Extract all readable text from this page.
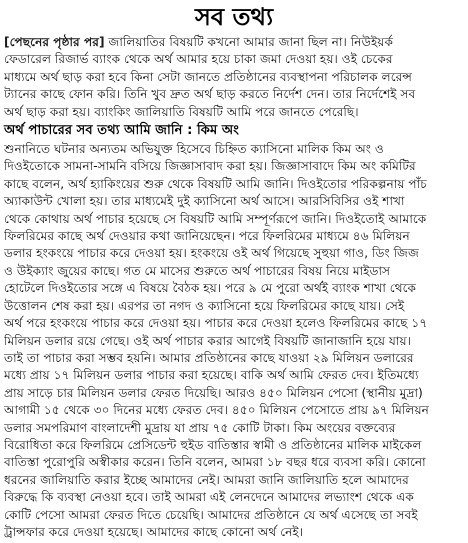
সব তথ্য

[পেছনের পৃষ্ঠার পর] জালিয়াতির বিষয়টি কখনো আমার জানা ছিল না। নিউইয়র্ক
ফেডারেল রিজার্ভ ব্যাংক থেকে অর্থ আমার হয়ে চাকা জমা দেওয়া হয়। ওই চেকের
মাধ্যমে অর্থ ছাড় করা হবে কিনা সেটা জানতে প্রতিষ্ঠানের ব্যবস্থাপনা পরিচালক লরেন্স
ট্যানের কাছে ফোন করি। তিনি খুব দ্রুত অর্থ ছাড় করতে নির্দেশ দেন। তার নির্দেশেই সব
অর্থ ছাড় করা হয়। ব্যাংকিং জালিয়াতি বিষয়টি আমি পরে জানতে পেরেছি।

অর্থ পাচারের সব তথ্য আমি জানি : কিম অং

শুনানিতে ঘটনার অন্যতম অভিযুক্ত হিসেবে চিহ্নিত ক্যাসিনো মালিক কিম অং ও
দিওইতোকে সামনা-সামনি বসিয়ে জিজ্ঞাসাবাদ করা হয়। জিজ্ঞাসাবাদে কিম অং কমিটির
কাছে বলেন, অর্থ হ্যাকিংয়ের শুরু থেকে বিষয়টি আমি জানি। দিওইতোর পরিকল্পনায় পাঁচ
অ্যাকাউন্ট খোলা হয়। তার মাধ্যমেই দুই ক্যাসিনো অর্থ আসে। আরসিবিসির ওই শাখা
থেকে কোথায় অর্থ পাচার হয়েছে সে বিষয়টি আমি সম্পূর্ণরূপে জানি। দিওইতোই আমাকে
ফিলরিমের কাছে অর্থ দেওয়ার কথা জানিয়েছেন। পরে ফিলরিমের মাধ্যমে ৪৬ মিলিয়ন
ডলার হংকংয়ে পাচার করে দেওয়া হয়। হংকংয়ে ওই অর্থ গিয়েছে সুহুয়া গাও, ডিং জিজ
ও উইক্যাং জুয়ের কাছে। গত মে মাসের শুরুতে অর্থ পাচারের বিষয় নিয়ে মাইডাস
হোটেলে দিওইতোর সঙ্গে এ বিষয়ে বৈঠক হয়। পরে ৯ মে পুরো অর্থই ব্যাংক শাখা থেকে
উত্তোলন শেষ করা হয়। এরপর তা নগদ ও ক্যাসিনো হয়ে ফিলরিমের কাছে যায়। সেই
অর্থ পরে হংকংয়ে পাচার করে দেওয়া হয়। পাচার করে দেওয়া হলেও ফিলরিমের কাছে ১৭
মিলিয়ন ডলার রয়ে গেছে। ওই অর্থ পাচার করার আগেই বিষয়টি জানাজানি হয়ে যায়।
তাই তা পাচার করা সম্ভব হয়নি। আমার প্রতিষ্ঠানের কাছে যাওয়া ২৯ মিলিয়ন ডলারের
মধ্যে প্রায় ১৭ মিলিয়ন ডলার পাচার করা হয়েছে। বাকি অর্থ আমি ফেরত দেব। ইতিমধ্যে
প্রায় সাড়ে চার মিলিয়ন ডলার ফেরত দিয়েছি। আরও ৪৫০ মিলিয়ন পেসো (স্থানীয় মুদ্রা)
আগামী ১৫ থেকে ৩০ দিনের মধ্যে ফেরত দেব। ৪৫০ মিলিয়ন পেসোতে প্রায় ৯৭ মিলিয়ন
ডলার সমপরিমাণ বাংলাদেশী মুদ্রায় যা প্রায় ৭৫ কোটি টাকা। কিম অংয়ের বক্তব্যের
বিরোধিতা করে ফিলরিমে প্রেসিডেন্ট হুইড বাতিস্তার স্বামী ও প্রতিষ্ঠানের মালিক মাইকেল
বাতিস্তা পুরোপুরি অস্বীকার করেন। তিনি বলেন, আমরা ১৮ বছর ধরে ব্যবসা করি। কোনো
ধরনের জালিয়াতি করার ইচ্ছে আমাদের নেই। আমরা জানি জালিয়াতি হলে আমাদের
বিরুদ্ধে কি ব্যবস্থা নেওয়া হবে। তাই আমরা এই লেনদেনে আমাদের লভ্যাংশ থেকে এক
কোটি পেসো আমরা ফেরত দিতে চেয়েছি। আমাদের প্রতিষ্ঠানে যে অর্থ এসেছে তা সবই
ট্রান্সফার করে দেওয়া হয়েছে। আমাদের কাছে কোনো অর্থ নেই।
